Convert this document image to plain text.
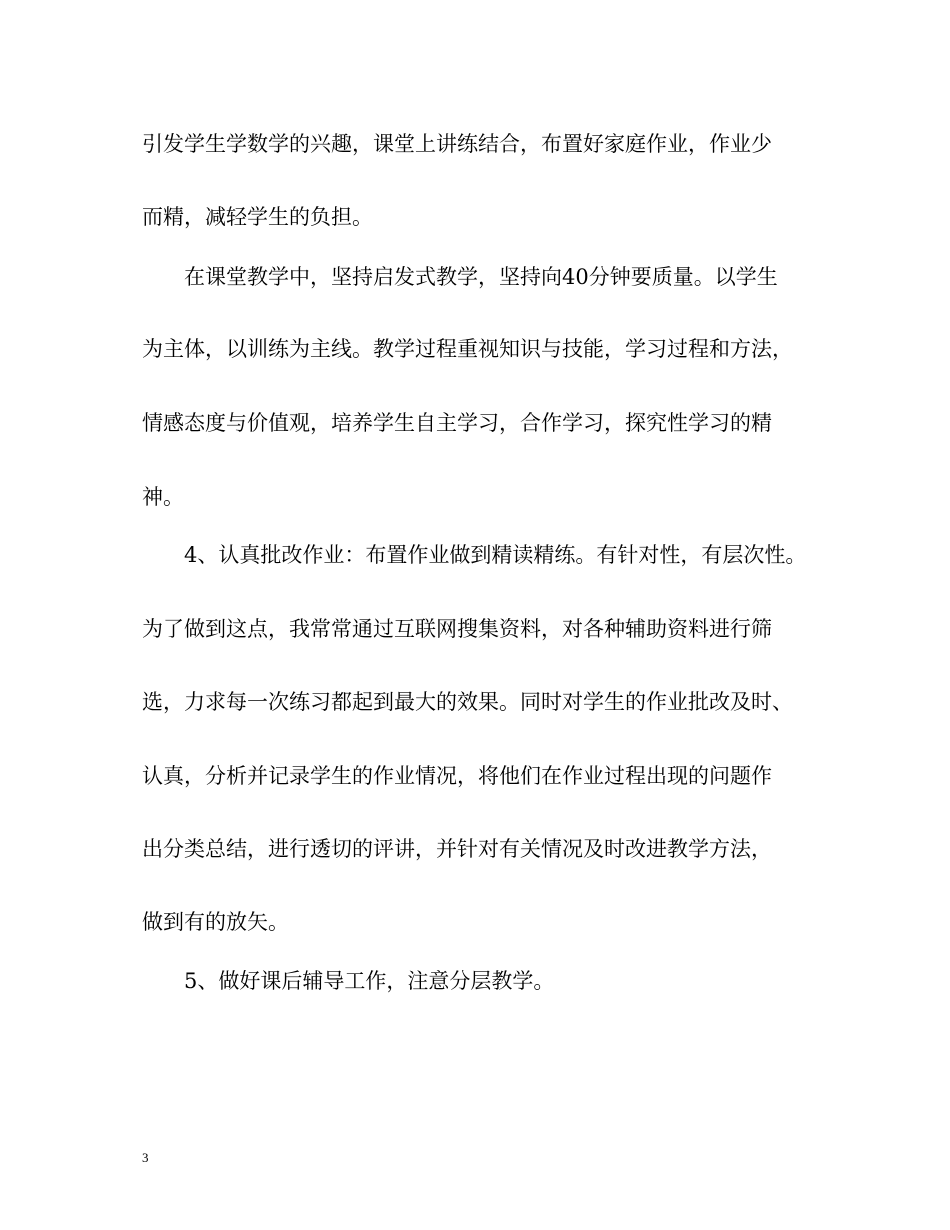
引发学生学数学的兴趣，课堂上讲练结合，布置好家庭作业，作业少
而精，减轻学生的负担。
　　在课堂教学中，坚持启发式教学，坚持向40分钟要质量。以学生
为主体，以训练为主线。教学过程重视知识与技能，学习过程和方法，
情感态度与价值观，培养学生自主学习，合作学习，探究性学习的精
神。
　　4、认真批改作业：布置作业做到精读精练。有针对性，有层次性。
为了做到这点，我常常通过互联网搜集资料，对各种辅助资料进行筛
选，力求每一次练习都起到最大的效果。同时对学生的作业批改及时、
认真，分析并记录学生的作业情况，将他们在作业过程出现的问题作
出分类总结，进行透切的评讲，并针对有关情况及时改进教学方法，
做到有的放矢。
　　5、做好课后辅导工作，注意分层教学。
3
